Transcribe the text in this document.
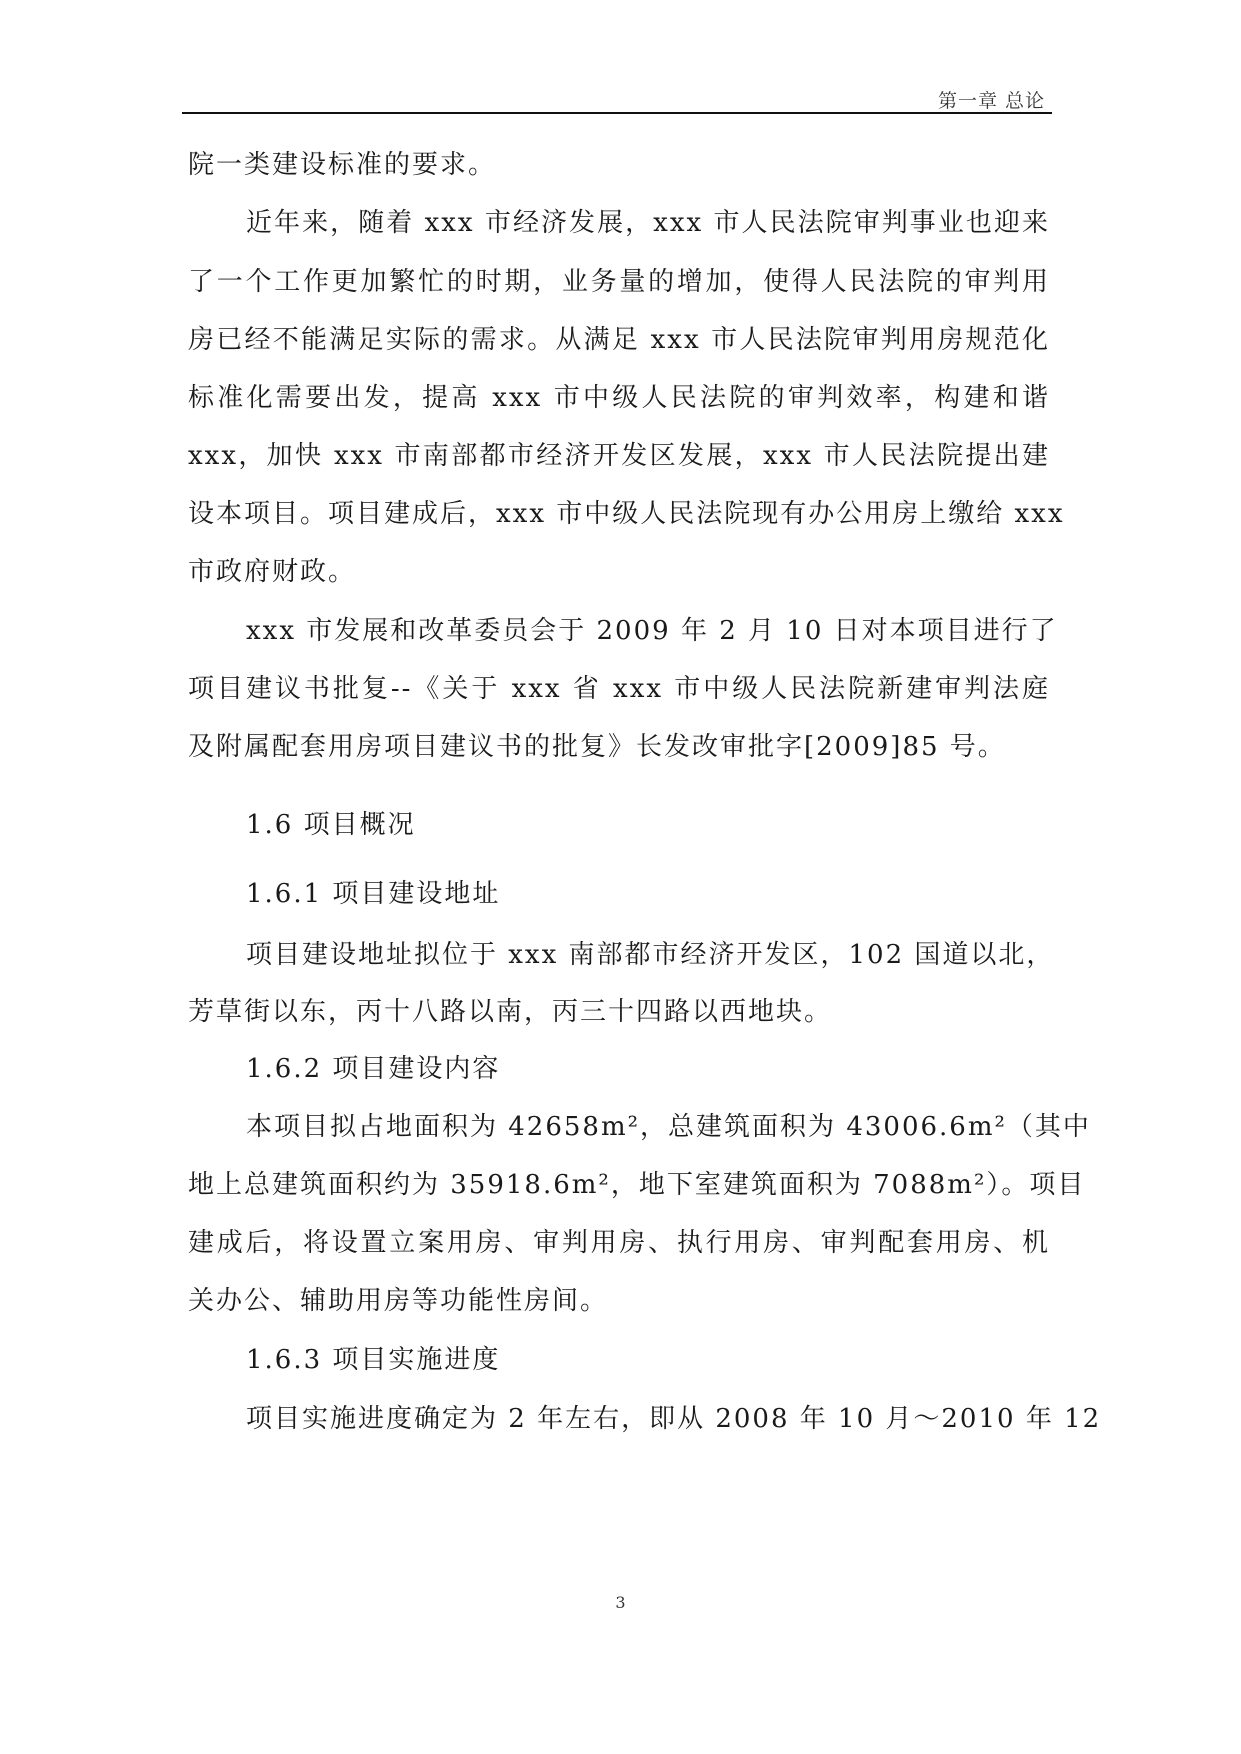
第一章 总论
院一类建设标准的要求。
近年来，随着 xxx 市经济发展，xxx 市人民法院审判事业也迎来
了一个工作更加繁忙的时期，业务量的增加，使得人民法院的审判用
房已经不能满足实际的需求。从满足 xxx 市人民法院审判用房规范化
标准化需要出发，提高 xxx 市中级人民法院的审判效率，构建和谐
xxx，加快 xxx 市南部都市经济开发区发展，xxx 市人民法院提出建
设本项目。项目建成后，xxx 市中级人民法院现有办公用房上缴给 xxx
市政府财政。
xxx 市发展和改革委员会于 2009 年 2 月 10 日对本项目进行了
项目建议书批复--《关于 xxx 省 xxx 市中级人民法院新建审判法庭
及附属配套用房项目建议书的批复》长发改审批字[2009]85 号。
1.6 项目概况
1.6.1 项目建设地址
项目建设地址拟位于 xxx 南部都市经济开发区，102 国道以北，
芳草街以东，丙十八路以南，丙三十四路以西地块。
1.6.2 项目建设内容
本项目拟占地面积为 42658m²，总建筑面积为 43006.6m²（其中
地上总建筑面积约为 35918.6m²，地下室建筑面积为 7088m²）。项目
建成后，将设置立案用房、审判用房、执行用房、审判配套用房、机
关办公、辅助用房等功能性房间。
1.6.3 项目实施进度
项目实施进度确定为 2 年左右，即从 2008 年 10 月～2010 年 12
3
